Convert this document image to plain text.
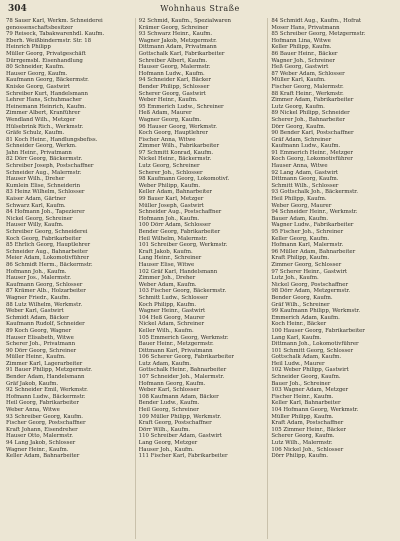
304	Wohnhaus Straße
78 Sauer Karl, Werkm. Schneiderei
genossenschaftsbesitzer
79 Reiseck, Tabakwarenhdl. Kaufm.
Eberh. Weißbindermstr. Str. 18
Heinrich Philipp
Müller Georg, Privatgeschäft
Dürrgemsbl. Eisenhandlung
80 Schneider, Kaufm.
Hauser Georg, Kaufm.
Kaufmann Georg, Bäckermstr.
Kniske Georg, Gastwirt
Schreiber Kurt, Handelsmann
Lehrer Hans, Schuhmacher
Heinemann Heinrich, Kaufm.
Zimmer Albert, Kranführer
Wendland Wilh., Metzger
Hülsebrink Rich., Werkmstr.
Gräfe Schulz, Kaufm.
81 Koch Heinr., Handlungsbefiss.
Schneider Georg, Werkm.
Jahn Heinr., Privatmann
82 Dörr Georg, Bäckermstr.
Schreiber Joseph, Postschaffner
Schneider Aug., Malermstr.
Hauser Wilh., Dreher
Kumlein Elise, Schneiderin
83 Heinz Wilhelm, Schlosser
Kaiser Adam, Gärtner
Schwarz Karl, Kaufm.
84 Hofmann Joh., Tapezierer
Nickel Georg, Schreiner
Hauser Willy, Kaufm.
Schreiber Georg, Schneiderei
Koch Georg, Fabrikarbeiter
85 Ehrlich Georg, Hauptlehrer
Schneider Aug., Bahnarbeiter
Meier Adam, Lokomotivführer
86 Schmidt Herm., Bäckermstr.
Hofmann Joh., Kaufm.
Hauser Jos., Malermstr.
Kaufmann Georg, Schlosser
87 Krämer Alb., Holzarbeiter
Wagner Friedr., Kaufm.
88 Lutz Wilhelm, Werkmstr.
Weber Karl, Gastwirt
Schmidt Adam, Bäcker
Kaufmann Rudolf, Schneider
89 Koch Georg, Wagner
Hauser Elisabeth, Witwe
Scherer Joh., Privatmann
90 Dörr Georg, Schreiner
Müller Heinr., Kaufm.
Zimmer Karl, Lagerarbeiter
91 Bauer Philipp, Metzgermstr.
Bender Adam, Handelsmann
Gräf Jakob, Kaufm.
92 Schneider Emil, Werkmstr.
Hofmann Ludw., Bäckermstr.
Heil Georg, Fabrikarbeiter
Weber Anna, Witwe
93 Schreiber Georg, Kaufm.
Fischer Georg, Postschaffner
Kraft Johann, Eisendreher
Hauser Otto, Malermstr.
94 Lang Jakob, Schlosser
Wagner Heinr., Kaufm.
Keller Adam, Bahnarbeiter
92 Schmid, Kaufm., Spezialwaren
Krämer Georg, Schreiner
93 Schwarz Heinr., Kaufm.
Wagner Jakob, Metzgermstr.
Dittmann Adam, Privatmann
Gottschalk Karl, Fabrikarbeiter
Schreiber Albert, Kaufm.
Hauser Georg, Malermstr.
Hofmann Ludw., Kaufm.
94 Schneider Karl, Bäcker
Bender Philipp, Schlosser
Scherer Georg, Gastwirt
Weber Heinr., Kaufm.
95 Emmerich Ludw., Schreiner
Heß Adam, Maurer
Wagner Georg, Kaufm.
96 Hauser Georg, Werkmstr.
Koch Georg, Hauptlehrer
Fischer Anna, Witwe
Zimmer Wilh., Fabrikarbeiter
97 Schmitt Konrad, Kaufm.
Nickel Heinr., Bäckermstr.
Lutz Georg, Schreiner
Scherer Joh., Schlosser
98 Kaufmann Georg, Lokomotivf.
Weber Philipp, Kaufm.
Keller Adam, Bahnarbeiter
99 Bauer Karl, Metzger
Müller Joseph, Gastwirt
Schneider Aug., Postschaffner
Hofmann Joh., Kaufm.
100 Dörr Adam, Schlosser
Bender Georg, Fabrikarbeiter
Heil Wilhelm, Malermstr.
101 Schreiber Georg, Werkmstr.
Kraft Jakob, Kaufm.
Lang Heinr., Schreiner
Hauser Elise, Witwe
102 Gräf Karl, Handelsmann
Zimmer Joh., Dreher
Weber Adam, Kaufm.
103 Fischer Georg, Bäckermstr.
Schmitt Ludw., Schlosser
Koch Philipp, Kaufm.
Wagner Heinr., Gastwirt
104 Heß Georg, Maurer
Nickel Adam, Schreiner
Keller Wilh., Kaufm.
105 Emmerich Georg, Werkmstr.
Bauer Heinr., Metzgermstr.
Dittmann Karl, Privatmann
106 Scherer Georg, Fabrikarbeiter
Lutz Adam, Kaufm.
Gottschalk Heinr., Bahnarbeiter
107 Schneider Joh., Malermstr.
Hofmann Georg, Kaufm.
Weber Karl, Schlosser
108 Kaufmann Adam, Bäcker
Bender Ludw., Kaufm.
Heil Georg, Schreiner
109 Müller Philipp, Werkmstr.
Kraft Georg, Postschaffner
Dörr Wilh., Kaufm.
110 Schreiber Adam, Gastwirt
Lang Georg, Metzger
Hauser Joh., Kaufm.
111 Fischer Karl, Fabrikarbeiter
84 Schmidt Aug., Kaufm., Hofrat
Moser Hans, Privatmann
85 Schreiber Georg, Metzgermstr.
Hofmann Lina, Witwe
Keller Philipp, Kaufm.
86 Bauer Heinr., Bäcker
Wagner Joh., Schreiner
Heß Georg, Gastwirt
87 Weber Adam, Schlosser
Müller Karl, Kaufm.
Fischer Georg, Malermstr.
88 Kraft Heinr., Werkmstr.
Zimmer Adam, Fabrikarbeiter
Lutz Georg, Kaufm.
89 Nickel Philipp, Schneider
Scherer Joh., Bahnarbeiter
Dörr Georg, Kaufm.
90 Bender Karl, Postschaffner
Gräf Adam, Schreiner
Kaufmann Ludw., Kaufm.
91 Emmerich Heinr., Metzger
Koch Georg, Lokomotivführer
Hauser Anna, Witwe
92 Lang Adam, Gastwirt
Dittmann Georg, Kaufm.
Schmitt Wilh., Schlosser
93 Gottschalk Joh., Bäckermstr.
Heil Philipp, Kaufm.
Weber Georg, Maurer
94 Schneider Heinr., Werkmstr.
Bauer Adam, Kaufm.
Wagner Ludw., Fabrikarbeiter
95 Fischer Joh., Schreiner
Keller Georg, Kaufm.
Hofmann Karl, Malermstr.
96 Müller Adam, Bahnarbeiter
Kraft Philipp, Kaufm.
Zimmer Georg, Schlosser
97 Scherer Heinr., Gastwirt
Lutz Joh., Kaufm.
Nickel Georg, Postschaffner
98 Dörr Adam, Metzgermstr.
Bender Georg, Kaufm.
Gräf Wilh., Schreiner
99 Kaufmann Philipp, Werkmstr.
Emmerich Adam, Kaufm.
Koch Heinr., Bäcker
100 Hauser Georg, Fabrikarbeiter
Lang Karl, Kaufm.
Dittmann Joh., Lokomotivführer
101 Schmitt Georg, Schlosser
Gottschalk Adam, Kaufm.
Heil Ludw., Maurer
102 Weber Philipp, Gastwirt
Schneider Georg, Kaufm.
Bauer Joh., Schreiner
103 Wagner Adam, Metzger
Fischer Heinr., Kaufm.
Keller Karl, Bahnarbeiter
104 Hofmann Georg, Werkmstr.
Müller Philipp, Kaufm.
Kraft Adam, Postschaffner
105 Zimmer Heinr., Bäcker
Scherer Georg, Kaufm.
Lutz Wilh., Malermstr.
106 Nickel Joh., Schlosser
Dörr Philipp, Kaufm.
